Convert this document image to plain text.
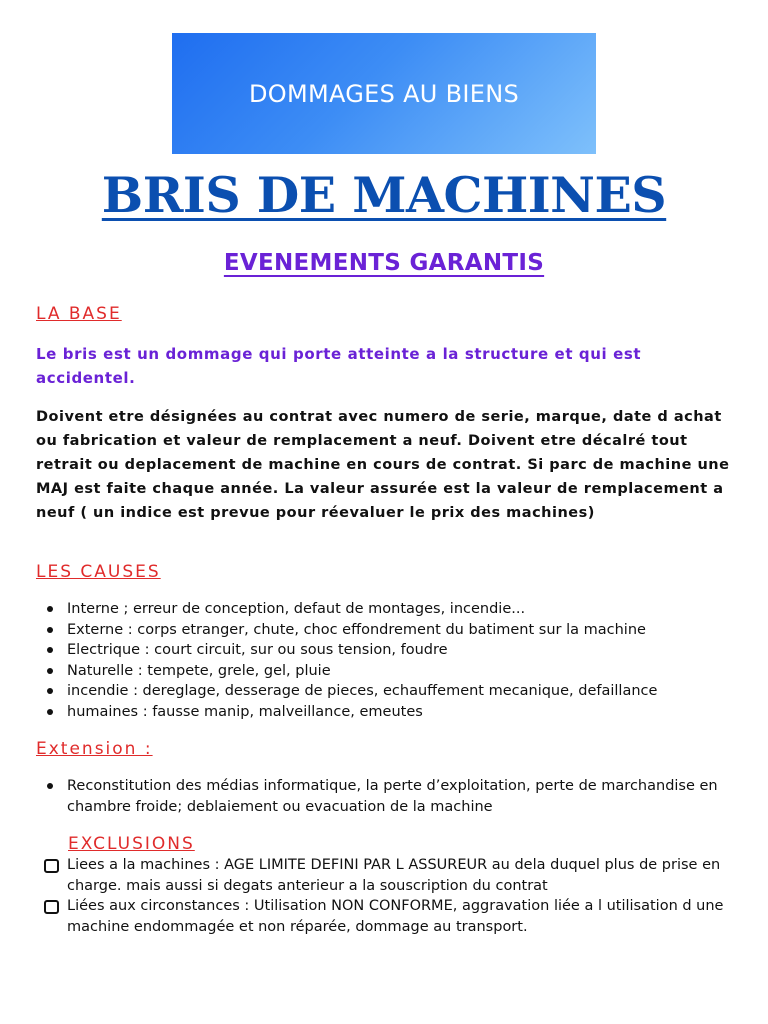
DOMMAGES AU BIENS
BRIS DE MACHINES
EVENEMENTS GARANTIS
LA BASE

Le bris est un dommage qui porte atteinte a la structure et qui est accidentel.

Doivent etre désignées au contrat avec numero de serie, marque, date d achat ou fabrication et valeur de remplacement a neuf. Doivent etre décalré tout retrait ou deplacement de machine en cours de contrat. Si parc de machine une MAJ est faite chaque année. La valeur assurée est la valeur de remplacement a neuf ( un indice est prevue pour réevaluer le prix des machines)

LES CAUSES
Interne ; erreur de conception, defaut de montages, incendie...
Externe : corps etranger, chute, choc effondrement du batiment sur la machine
Electrique : court circuit, sur ou sous tension, foudre
Naturelle : tempete, grele, gel, pluie
incendie : dereglage, desserage de pieces, echauffement mecanique, defaillance
humaines : fausse manip, malveillance, emeutes
Extension :
Reconstitution des médias informatique, la perte d’exploitation, perte de marchandise en chambre froide; deblaiement ou evacuation de la machine
EXCLUSIONS
Liees a la machines : AGE LIMITE DEFINI PAR L ASSUREUR au dela duquel plus de prise en charge. mais aussi si degats anterieur a la souscription du contrat
Liées aux circonstances : Utilisation NON CONFORME, aggravation liée a l utilisation d une machine endommagée et non réparée, dommage au transport.
